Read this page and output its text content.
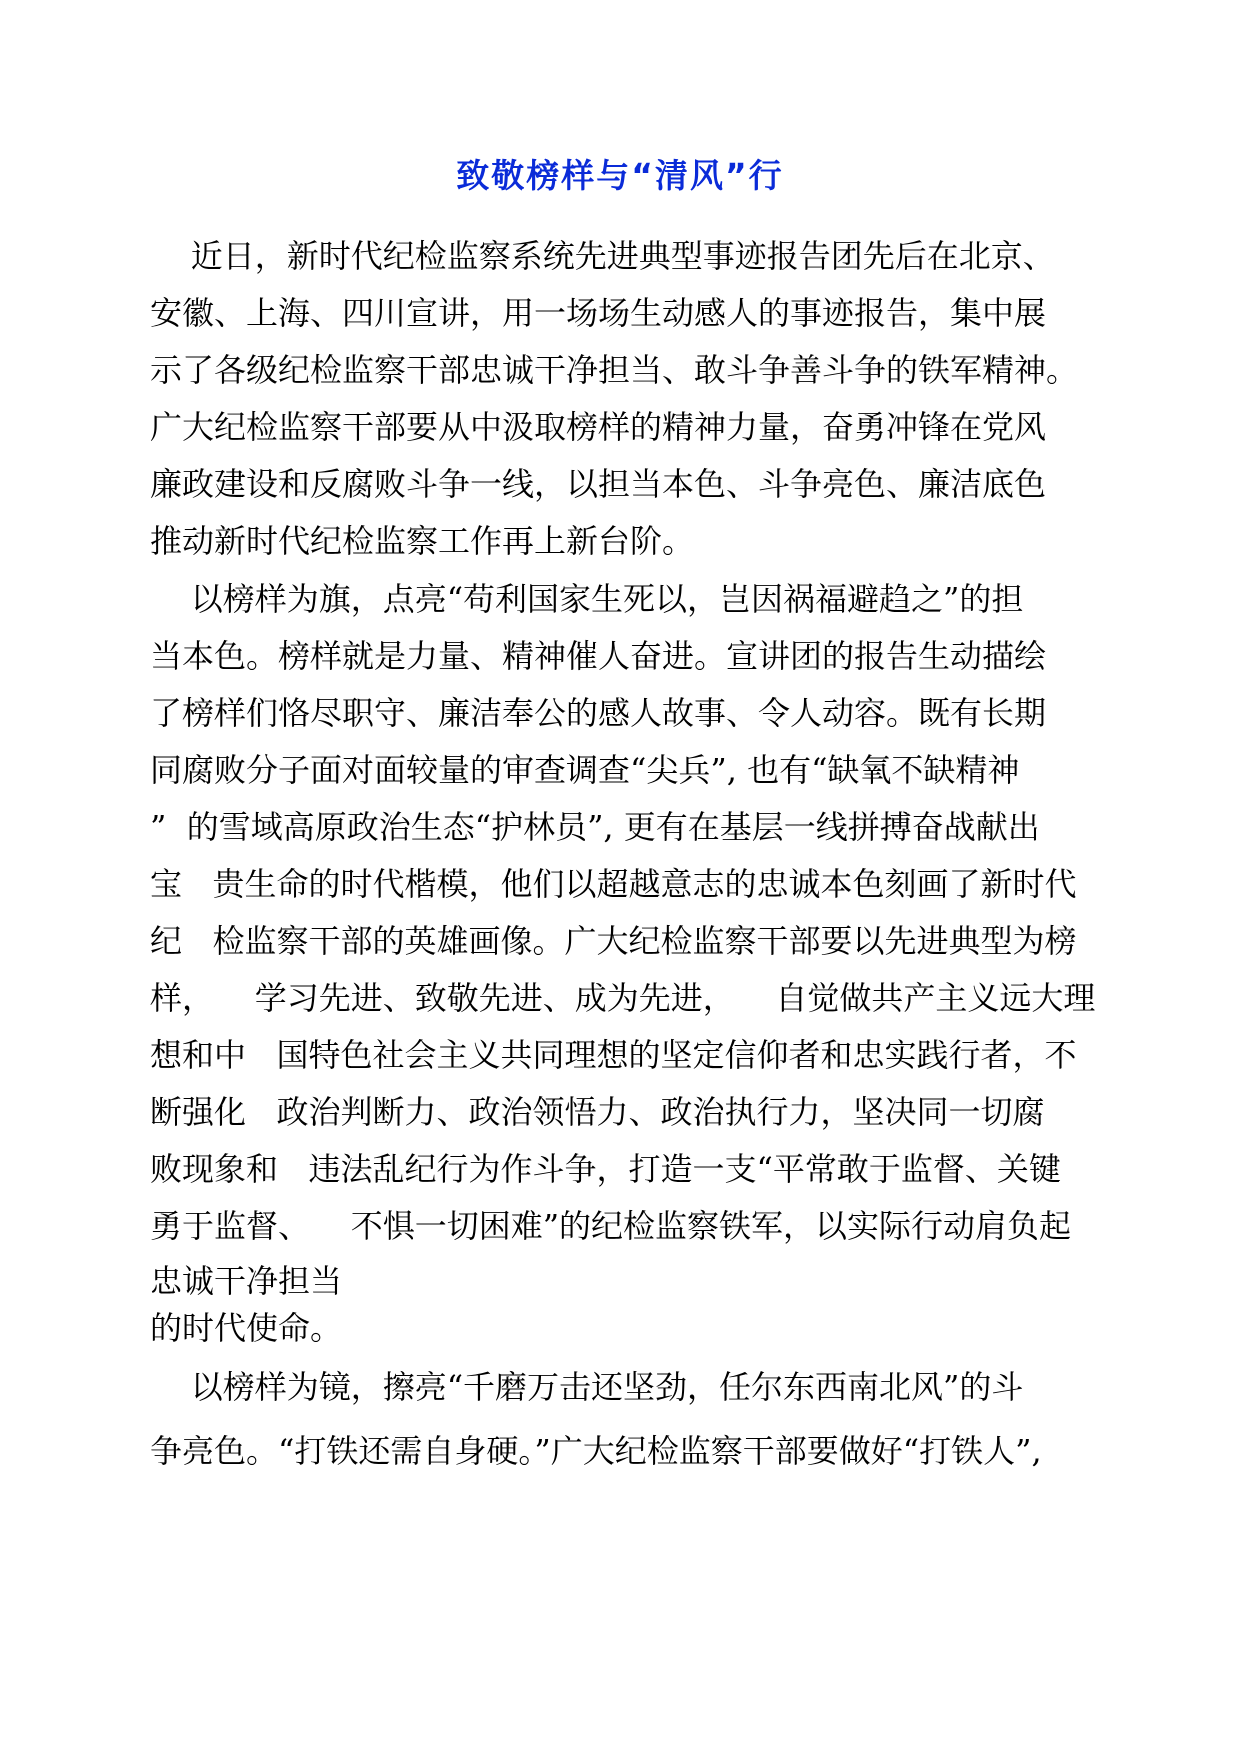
致敬榜样与“清风”行
近日，新时代纪检监察系统先进典型事迹报告团先后在北京、
安徽、上海、四川宣讲，用一场场生动感人的事迹报告，集中展
示了各级纪检监察干部忠诚干净担当、敢斗争善斗争的铁军精神。
广大纪检监察干部要从中汲取榜样的精神力量，奋勇冲锋在党风
廉政建设和反腐败斗争一线，以担当本色、斗争亮色、廉洁底色
推动新时代纪检监察工作再上新台阶。
以榜样为旗，点亮“苟利国家生死以，岂因祸福避趋之”的担
当本色。榜样就是力量、精神催人奋进。宣讲团的报告生动描绘
了榜样们恪尽职守、廉洁奉公的感人故事、令人动容。既有长期
同腐败分子面对面较量的审查调查“尖兵”, 也有“缺氧不缺精神
”  的雪域高原政治生态“护林员”, 更有在基层一线拼搏奋战献出
宝   贵生命的时代楷模，他们以超越意志的忠诚本色刻画了新时代
纪   检监察干部的英雄画像。广大纪检监察干部要以先进典型为榜
样，    学习先进、致敬先进、成为先进，    自觉做共产主义远大理
想和中   国特色社会主义共同理想的坚定信仰者和忠实践行者，不
断强化   政治判断力、政治领悟力、政治执行力，坚决同一切腐
败现象和   违法乱纪行为作斗争，打造一支“平常敢于监督、关键
勇于监督、    不惧一切困难”的纪检监察铁军，以实际行动肩负起
忠诚干净担当
的时代使命。
以榜样为镜，擦亮“千磨万击还坚劲，任尔东西南北风”的斗
争亮色。“打铁还需自身硬。”广大纪检监察干部要做好“打铁人”,
